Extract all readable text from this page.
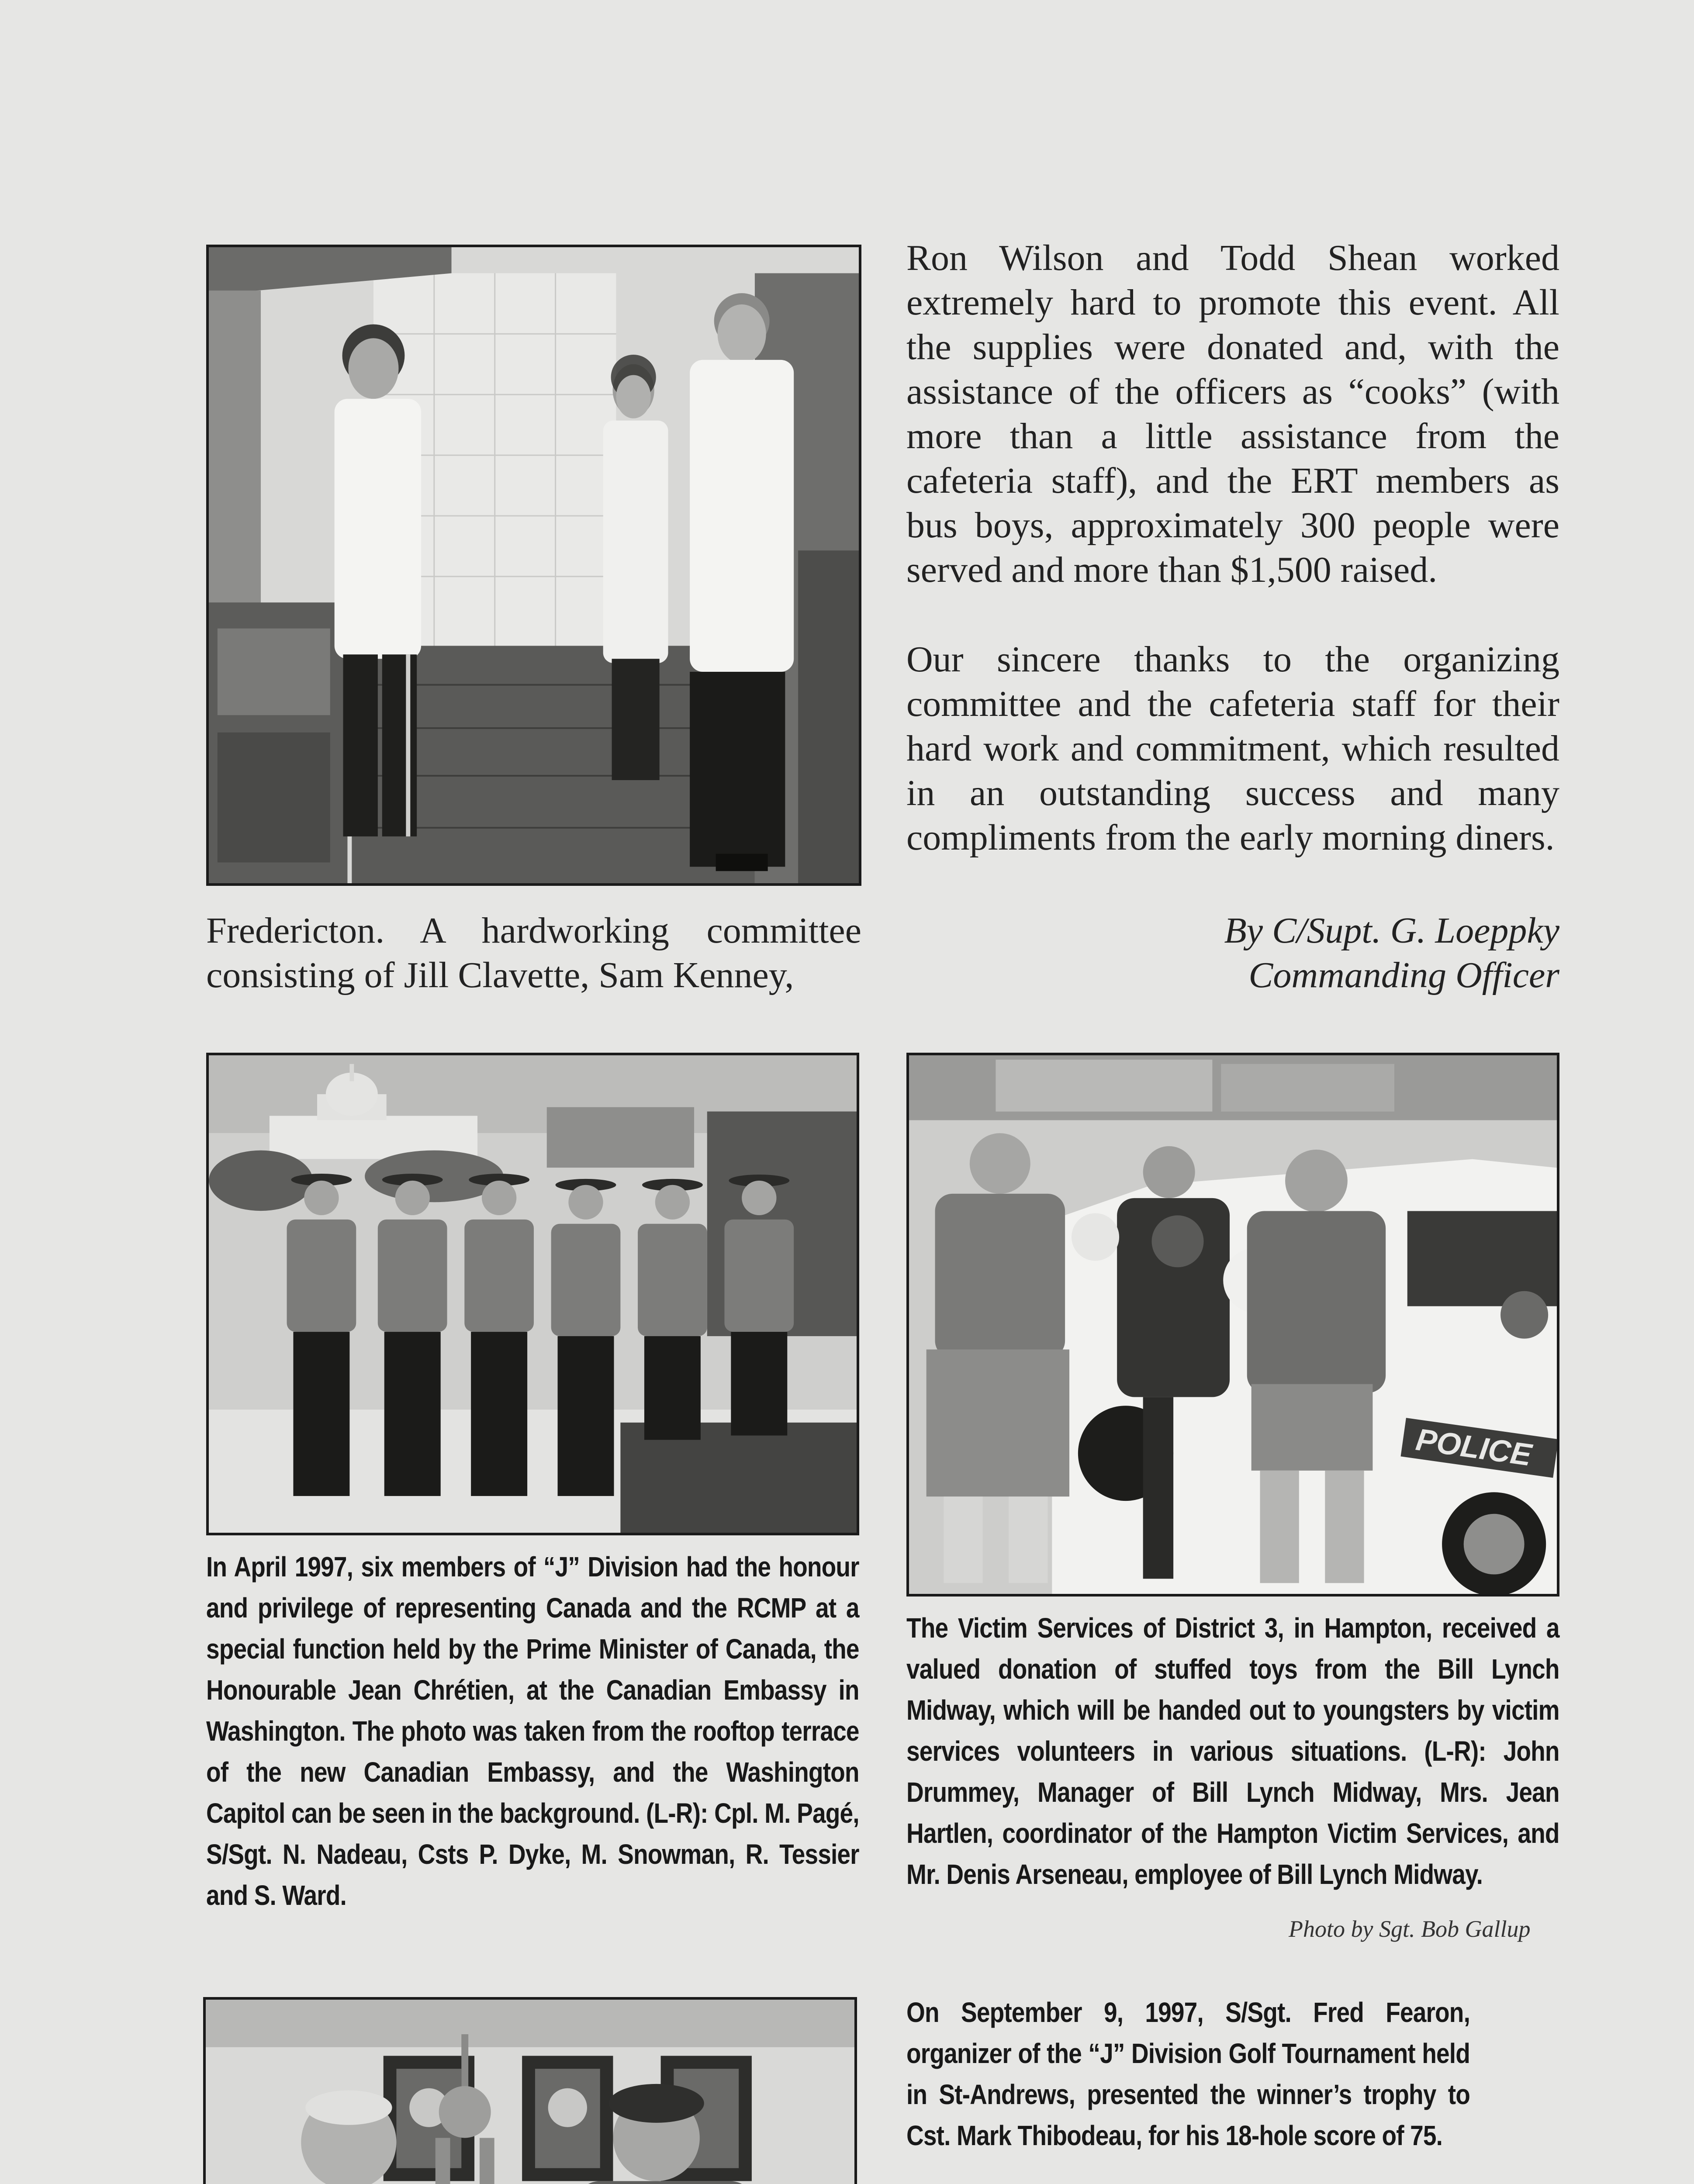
Fredericton. A hardworking committee consisting of Jill Clavette, Sam Kenney,

Ron Wilson and Todd Shean worked extremely hard to promote this event. All the supplies were donated and, with the assistance of the officers as “cooks” (with more than a little assistance from the cafeteria staff), and the ERT members as bus boys, approximately 300 people were served and more than $1,500 raised.

Our sincere thanks to the organizing committee and the cafeteria staff for their hard work and commitment, which resulted in an outstanding success and many compliments from the early morning diners.

By C/Supt. G. Loeppky
Commanding Officer

In April 1997, six members of “J” Division had the honour and privilege of representing Canada and the RCMP at a special function held by the Prime Minister of Canada, the Honourable Jean Chrétien, at the Canadian Embassy in Washington. The photo was taken from the rooftop terrace of the new Canadian Embassy, and the Washington Capitol can be seen in the background. (L-R): Cpl. M. Pagé, S/Sgt. N. Nadeau, Csts P. Dyke, M. Snowman, R. Tessier and S. Ward.

POLICE

The Victim Services of District 3, in Hampton, received a valued donation of stuffed toys from the Bill Lynch Midway, which will be handed out to youngsters by victim services volunteers in various situations. (L-R): John Drummey, Manager of Bill Lynch Midway, Mrs. Jean Hartlen, coordinator of the Hampton Victim Services, and Mr. Denis Arseneau, employee of Bill Lynch Midway.

Photo by Sgt. Bob Gallup

On September 9, 1997, S/Sgt. Fred Fearon, organizer of the “J” Division Golf Tournament held in St-Andrews, presented the winner’s trophy to Cst. Mark Thibodeau, for his 18-hole score of 75.
